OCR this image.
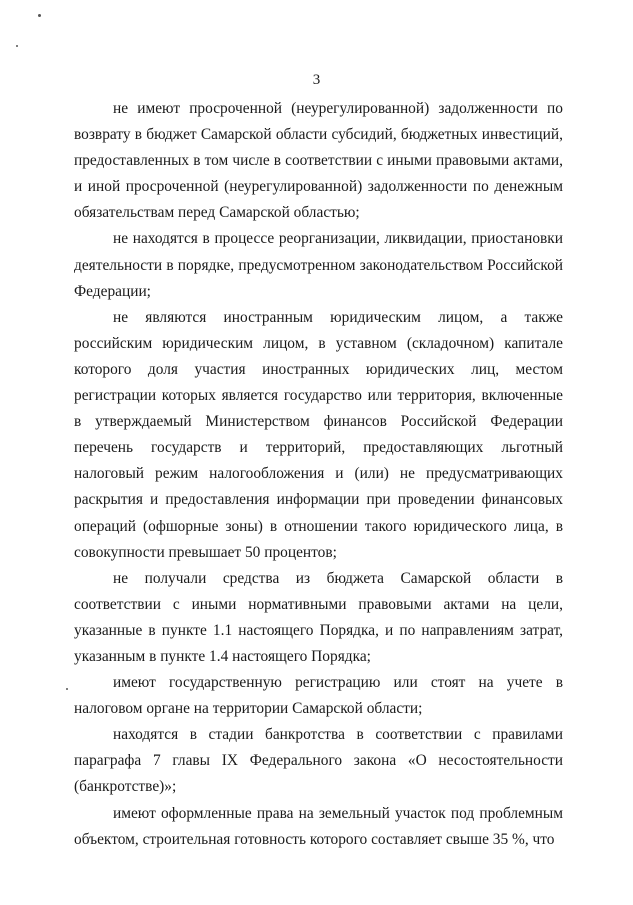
3

не имеют просроченной (неурегулированной) задолженности по возврату в бюджет Самарской области субсидий, бюджетных инвестиций, предоставленных в том числе в соответствии с иными правовыми актами, и иной просроченной (неурегулированной) задолженности по денежным обязательствам перед Самарской областью;

не находятся в процессе реорганизации, ликвидации, приостановки деятельности в порядке, предусмотренном законодательством Российской Федерации;

не являются иностранным юридическим лицом, а также российским юридическим лицом, в уставном (складочном) капитале которого доля участия иностранных юридических лиц, местом регистрации которых является государство или территория, включенные в утверждаемый Министерством финансов Российской Федерации перечень государств и территорий, предоставляющих льготный налоговый режим налогообложения и (или) не предусматривающих раскрытия и предоставления информации при проведении финансовых операций (офшорные зоны) в отношении такого юридического лица, в совокупности превышает 50 процентов;

не получали средства из бюджета Самарской области в соответствии с иными нормативными правовыми актами на цели, указанные в пункте 1.1 настоящего Порядка, и по направлениям затрат, указанным в пункте 1.4 настоящего Порядка;

имеют государственную регистрацию или стоят на учете в налоговом органе на территории Самарской области;

находятся в стадии банкротства в соответствии с правилами параграфа 7 главы IX Федерального закона «О несостоятельности (банкротстве)»;

имеют оформленные права на земельный участок под проблемным объектом, строительная готовность которого составляет свыше 35 %, что
